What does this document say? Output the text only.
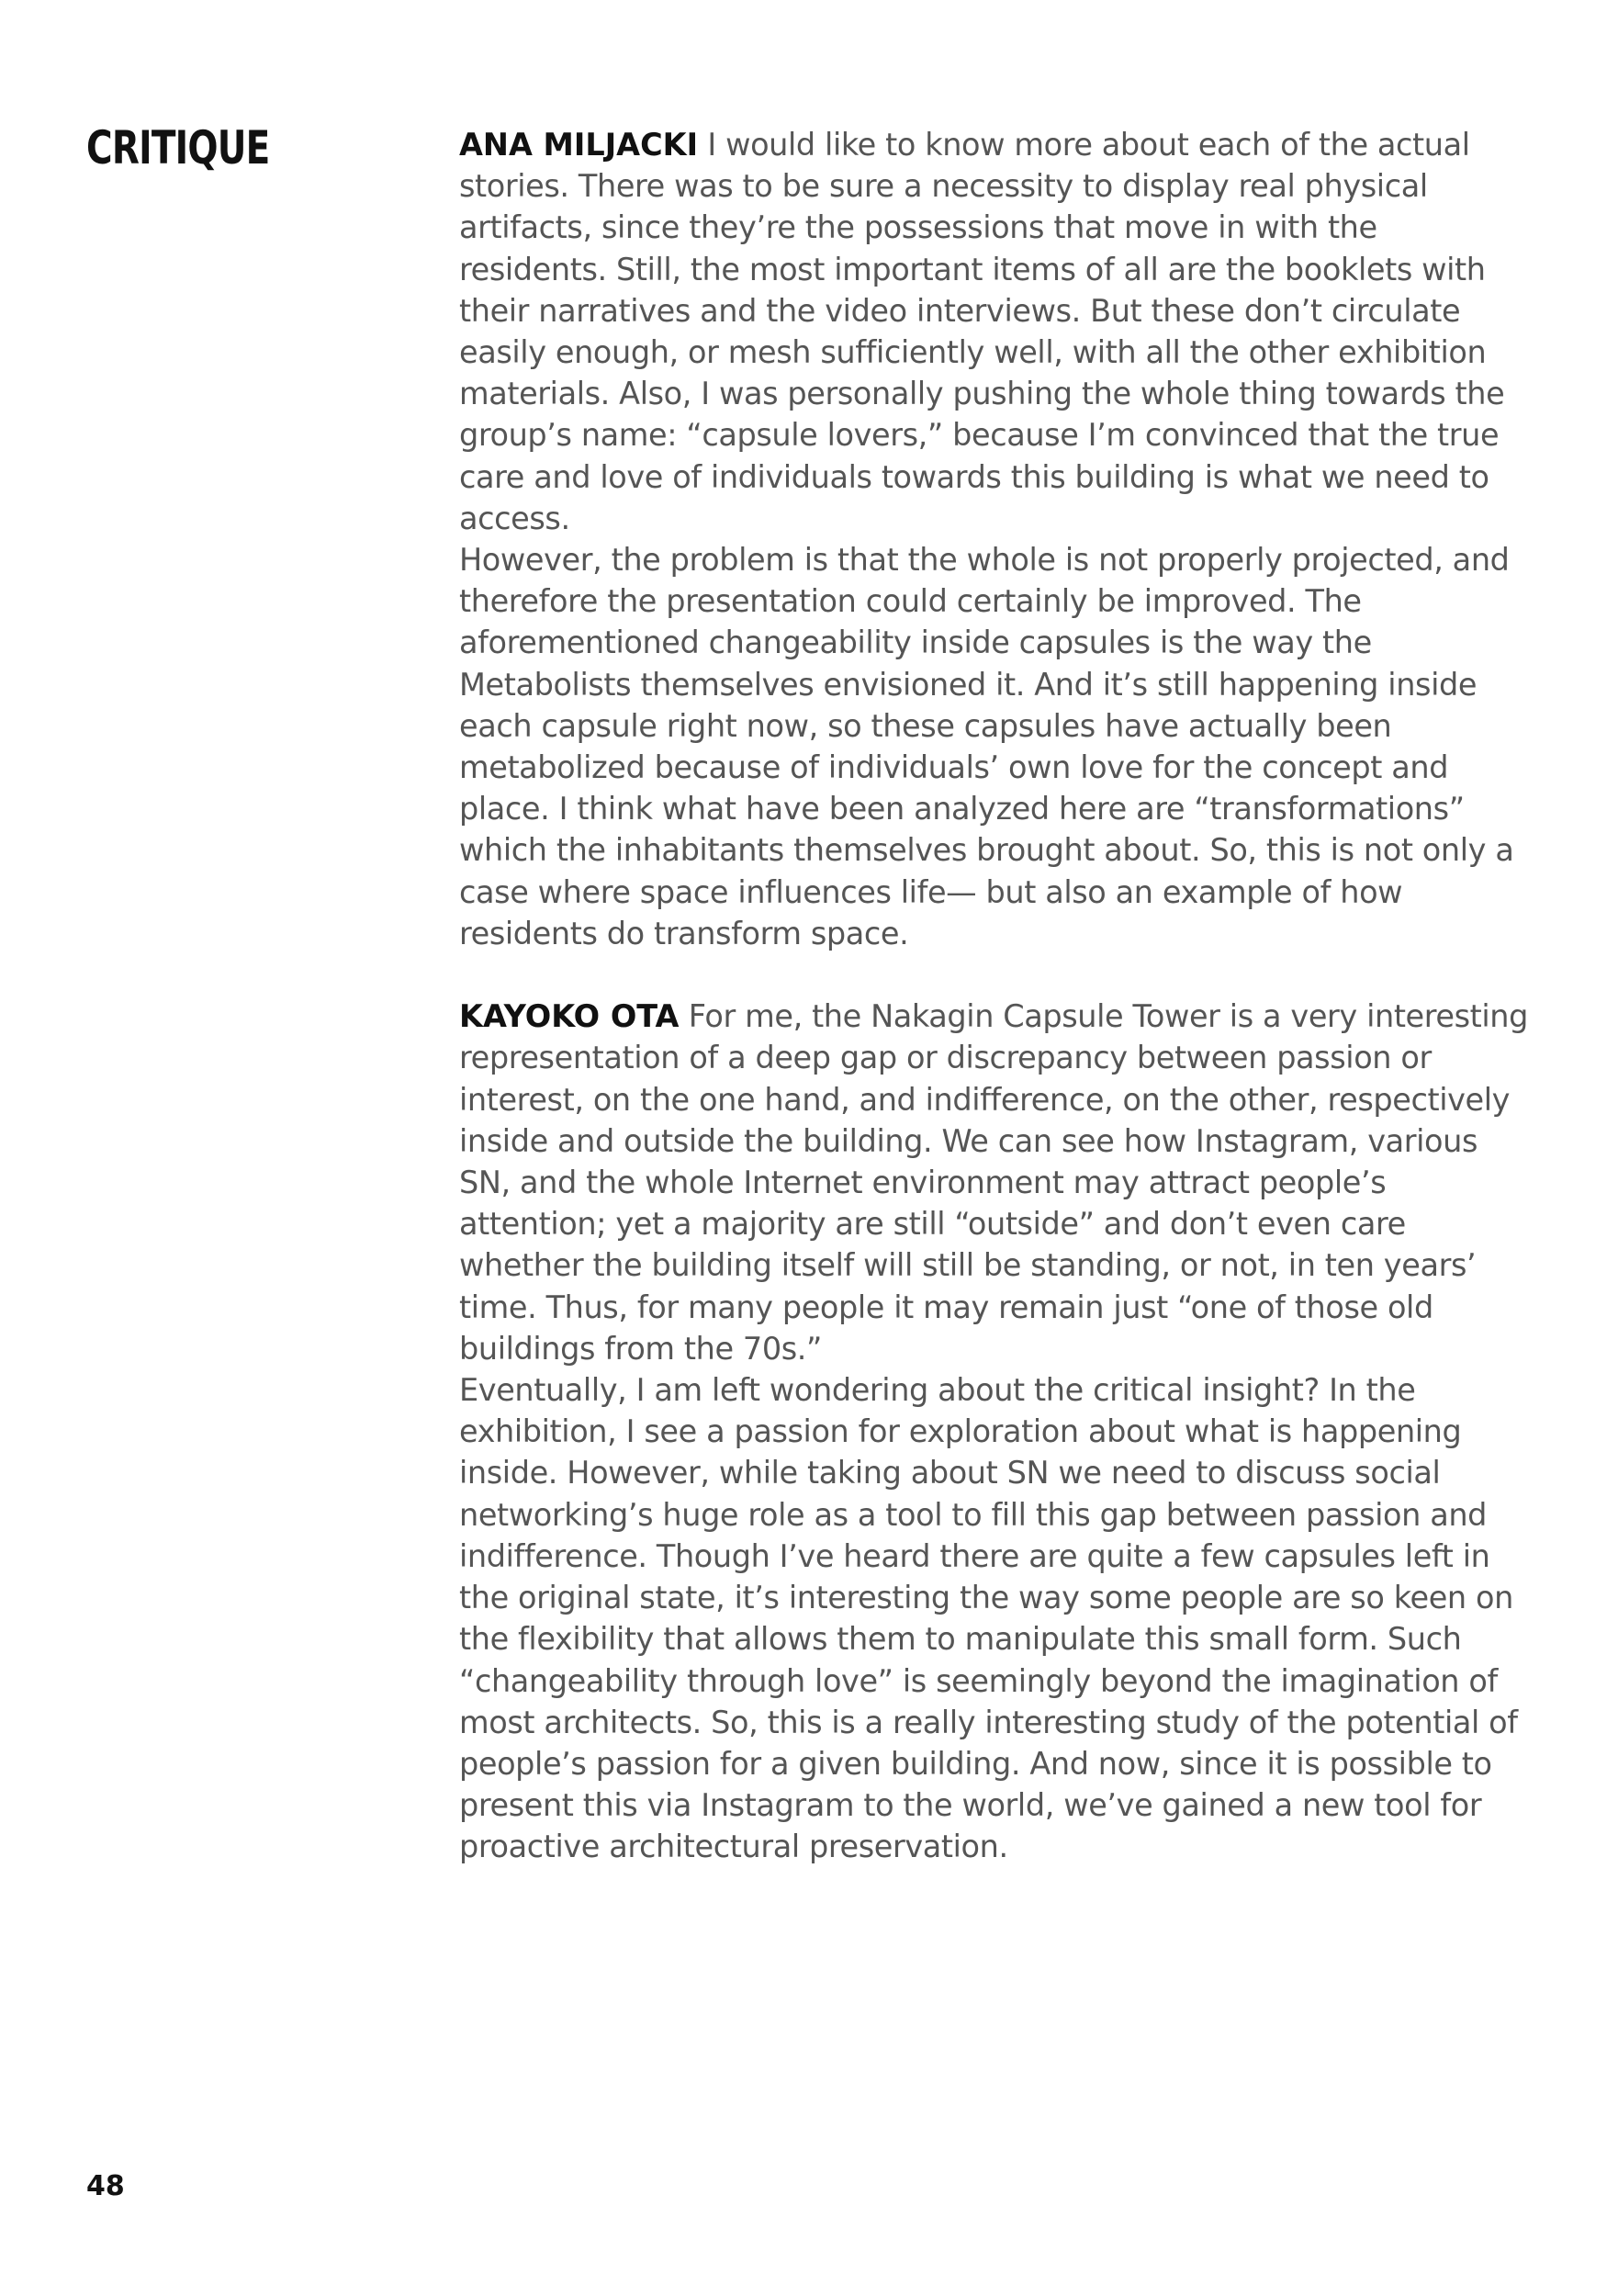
CRITIQUE	ANA MILJACKI I would like to know more about each of the actual stories. There was to be sure a necessity to display real physical artifacts, since they’re the possessions that move in with the residents. Still, the most important items of all are the booklets with their narratives and the video interviews. But these don’t circulate easily enough, or mesh sufficiently well, with all the other exhibition materials. Also, I was personally pushing the whole thing towards the group’s name: “capsule lovers,” because I’m convinced that the true care and love of individuals towards this building is what we need to access.

However, the problem is that the whole is not properly projected, and therefore the presentation could certainly be improved. The aforementioned changeability inside capsules is the way the Metabolists themselves envisioned it. And it’s still happening inside each capsule right now, so these capsules have actually been metabolized because of individuals’ own love for the concept and place. I think what have been analyzed here are “transformations” which the inhabitants themselves brought about. So, this is not only a case where space influences life— but also an example of how residents do transform space.

KAYOKO OTA For me, the Nakagin Capsule Tower is a very interesting representation of a deep gap or discrepancy between passion or interest, on the one hand, and indifference, on the other, respectively inside and outside the building. We can see how Instagram, various SN, and the whole Internet environment may attract people’s attention; yet a majority are still “outside” and don’t even care whether the building itself will still be standing, or not, in ten years’ time. Thus, for many people it may remain just “one of those old buildings from the 70s.”

Eventually, I am left wondering about the critical insight? In the exhibition, I see a passion for exploration about what is happening inside. However, while taking about SN we need to discuss social networking’s huge role as a tool to fill this gap between passion and indifference. Though I’ve heard there are quite a few capsules left in the original state, it’s interesting the way some people are so keen on the flexibility that allows them to manipulate this small form. Such “changeability through love” is seemingly beyond the imagination of most architects. So, this is a really interesting study of the potential of people’s passion for a given building. And now, since it is possible to present this via Instagram to the world, we’ve gained a new tool for proactive architectural preservation.

48
